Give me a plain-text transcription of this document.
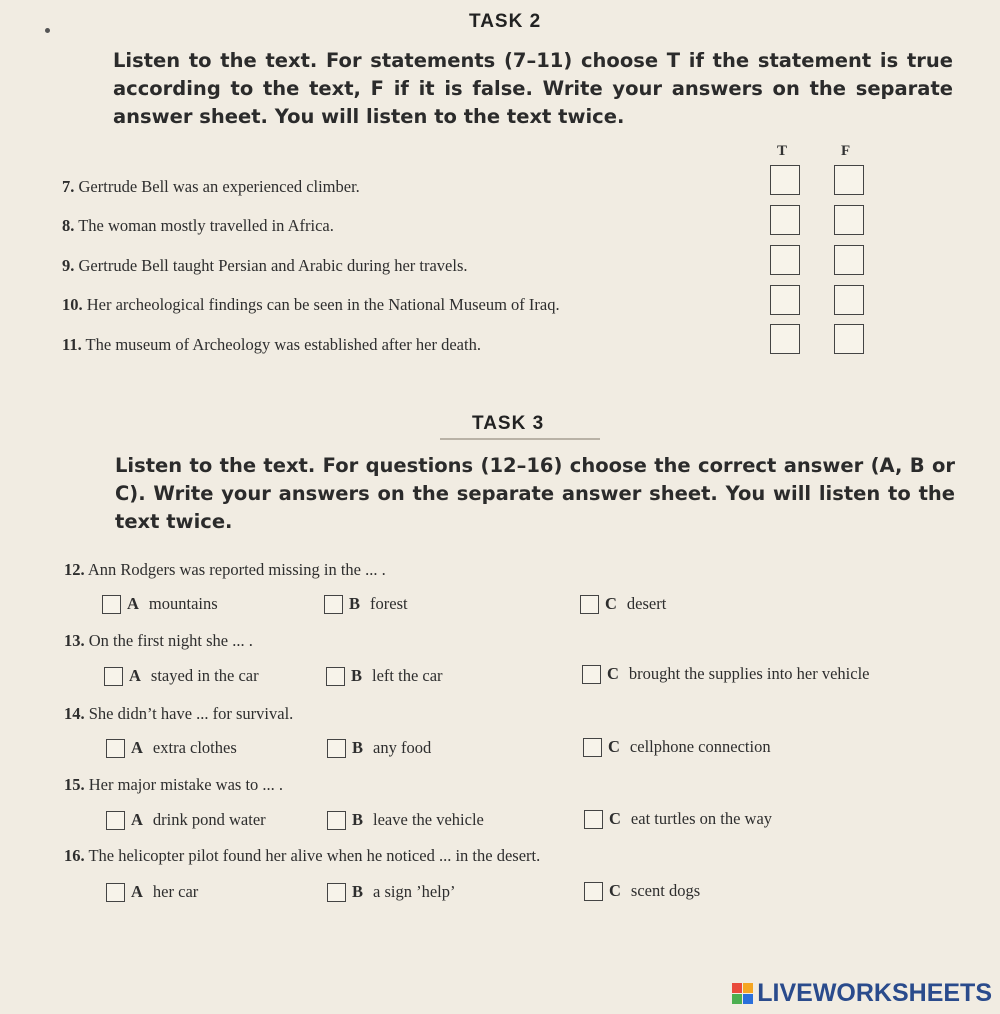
TASK 2
Listen to the text. For statements (7–11) choose T if the statement is true according to the text, F if it is false. Write your answers on the separate answer sheet. You will listen to the text twice.
T	F
7. Gertrude Bell was an experienced climber.
8. The woman mostly travelled in Africa.
9. Gertrude Bell taught Persian and Arabic during her travels.
10. Her archeological findings can be seen in the National Museum of Iraq.
11. The museum of Archeology was established after her death.
TASK 3
Listen to the text. For questions (12–16) choose the correct answer (A, B or C). Write your answers on the separate answer sheet. You will listen to the text twice.
12. Ann Rodgers was reported missing in the ... .
A mountains	B forest	C desert
13. On the first night she ... .
A stayed in the car	B left the car	C brought the supplies into her vehicle
14. She didn’t have ... for survival.
A extra clothes	B any food	C cellphone connection
15. Her major mistake was to ... .
A drink pond water	B leave the vehicle	C eat turtles on the way
16. The helicopter pilot found her alive when he noticed ... in the desert.
A her car	B a sign ’help’	C scent dogs
LIVEWORKSHEETS
